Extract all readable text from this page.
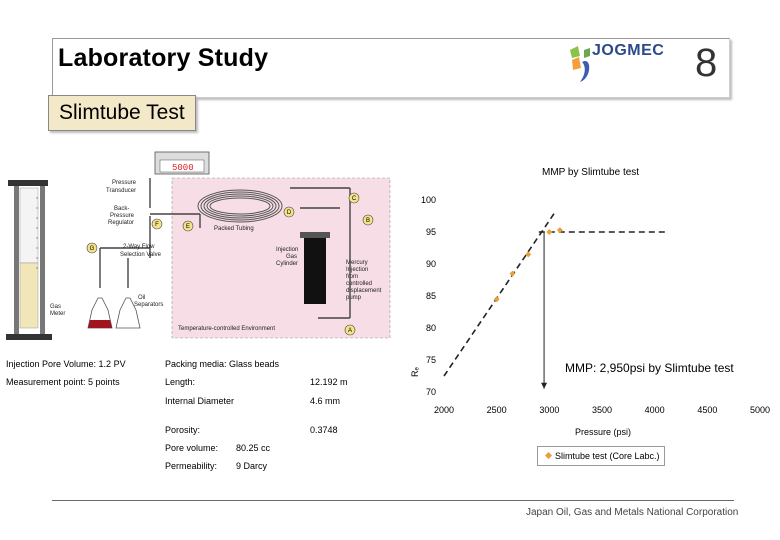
Laboratory Study	JOGMEC 8
Slimtube Test
5000
C
D
B
E
F
G
A
Pressure
Transducer
Back-
Pressure
Regulator
2-Way Flow
Selection Valve
Packed Tubing
Injection
Gas
Cylinder	Mercury
Injection
from
controlled
displacement
pump
Oil
Separators
Gas
Meter
Temperature-controlled Environment
Injection Pore Volume: 1.2 PV
Measurement point: 5 points
Packing media: Glass beads
Length:	12.192 m
Internal Diameter	4.6 mm
Porosity:	0.3748
Pore volume: 80.25 cc
Permeability: 9 Darcy
MMP by Slimtube test
MMP: 2,950psi by Slimtube test
Pressure (psi)
Rₑ
70
75
80
85
90
95
100
2000	2500	3000	3500	4000	4500	5000
Slimtube test (Core Labc.)
Japan Oil, Gas and Metals National Corporation
